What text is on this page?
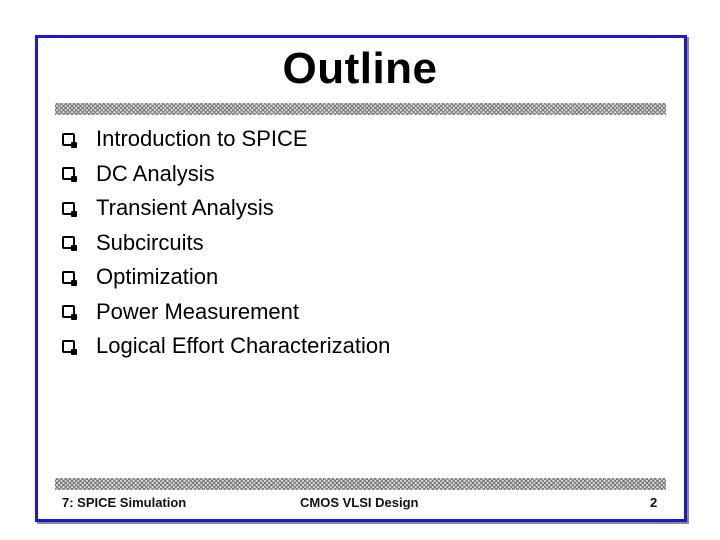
Outline
Introduction to SPICE
DC Analysis
Transient Analysis
Subcircuits
Optimization
Power Measurement
Logical Effort Characterization
7: SPICE Simulation	CMOS VLSI Design	2
